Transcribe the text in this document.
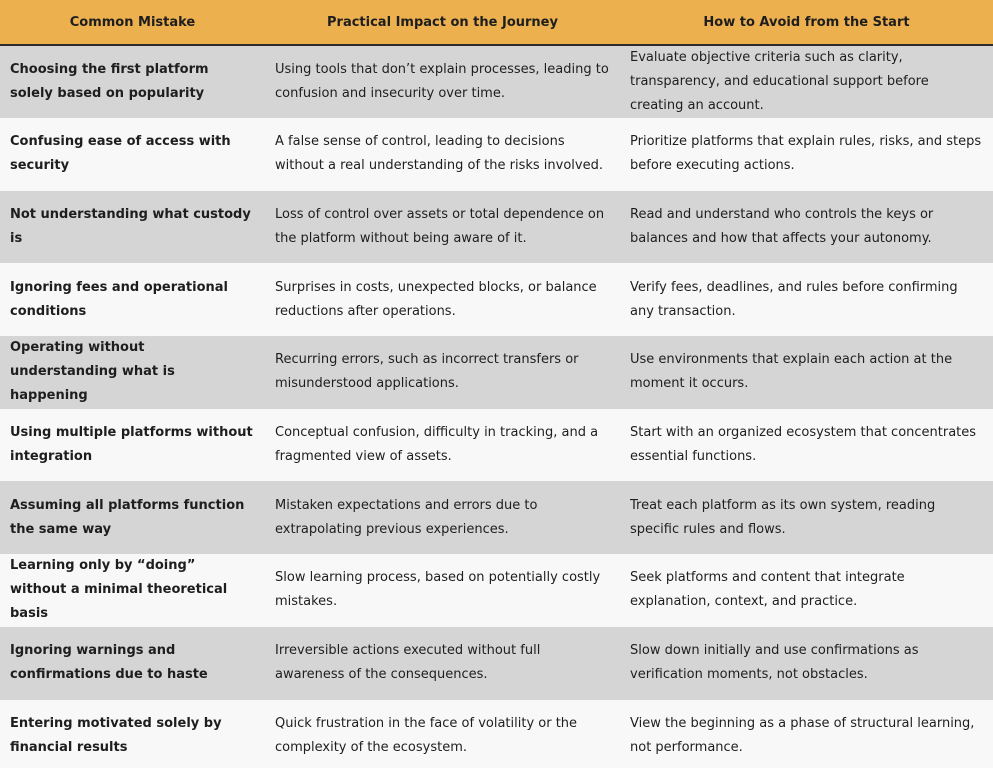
Common Mistake	Practical Impact on the Journey	How to Avoid from the Start
Choosing the first platform solely based on popularity	Using tools that don’t explain processes, leading to confusion and insecurity over time.	Evaluate objective criteria such as clarity, transparency, and educational support before creating an account.
Confusing ease of access with security	A false sense of control, leading to decisions without a real understanding of the risks involved.	Prioritize platforms that explain rules, risks, and steps before executing actions.
Not understanding what custody is	Loss of control over assets or total dependence on the platform without being aware of it.	Read and understand who controls the keys or balances and how that affects your autonomy.
Ignoring fees and operational conditions	Surprises in costs, unexpected blocks, or balance reductions after operations.	Verify fees, deadlines, and rules before confirming any transaction.
Operating without understanding what is happening	Recurring errors, such as incorrect transfers or misunderstood applications.	Use environments that explain each action at the moment it occurs.
Using multiple platforms without integration	Conceptual confusion, difficulty in tracking, and a fragmented view of assets.	Start with an organized ecosystem that concentrates essential functions.
Assuming all platforms function the same way	Mistaken expectations and errors due to extrapolating previous experiences.	Treat each platform as its own system, reading specific rules and flows.
Learning only by “doing” without a minimal theoretical basis	Slow learning process, based on potentially costly mistakes.	Seek platforms and content that integrate explanation, context, and practice.
Ignoring warnings and confirmations due to haste	Irreversible actions executed without full awareness of the consequences.	Slow down initially and use confirmations as verification moments, not obstacles.
Entering motivated solely by financial results	Quick frustration in the face of volatility or the complexity of the ecosystem.	View the beginning as a phase of structural learning, not performance.
